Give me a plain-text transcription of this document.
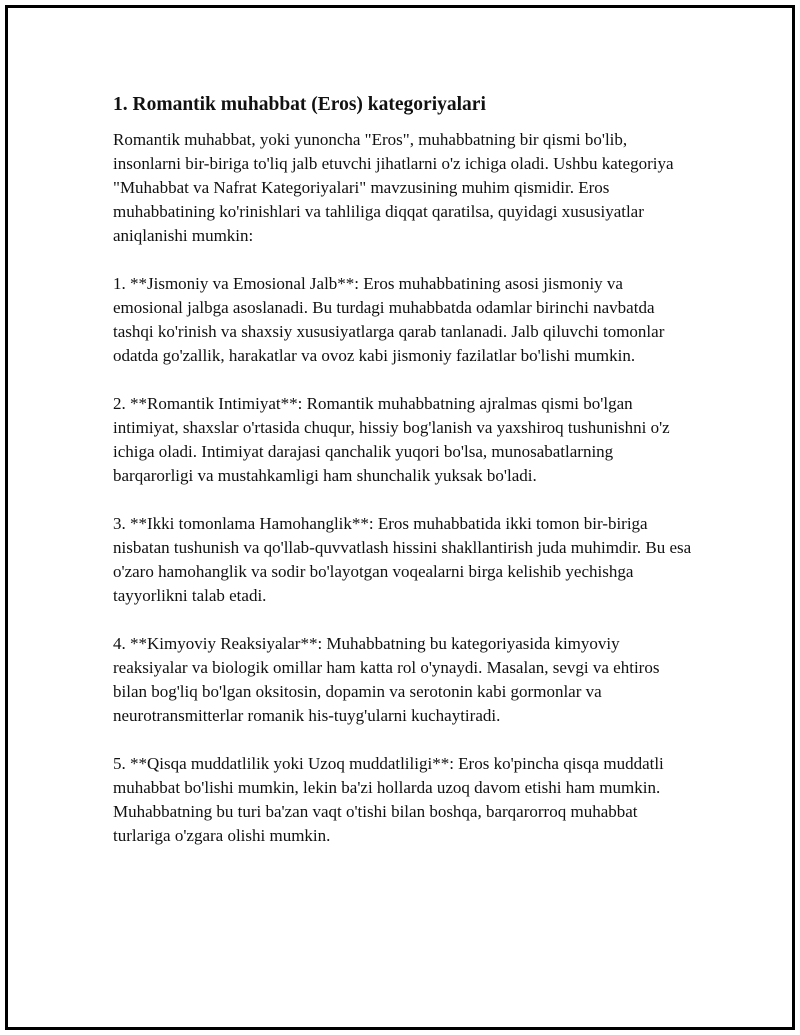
1. Romantik muhabbat (Eros) kategoriyalari

Romantik muhabbat, yoki yunoncha "Eros", muhabbatning bir qismi bo'lib, insonlarni bir-biriga to'liq jalb etuvchi jihatlarni o'z ichiga oladi. Ushbu kategoriya "Muhabbat va Nafrat Kategoriyalari" mavzusining muhim qismidir. Eros muhabbatining ko'rinishlari va tahliliga diqqat qaratilsa, quyidagi xususiyatlar aniqlanishi mumkin:

1. **Jismoniy va Emosional Jalb**: Eros muhabbatining asosi jismoniy va emosional jalbga asoslanadi. Bu turdagi muhabbatda odamlar birinchi navbatda tashqi ko'rinish va shaxsiy xususiyatlarga qarab tanlanadi. Jalb qiluvchi tomonlar odatda go'zallik, harakatlar va ovoz kabi jismoniy fazilatlar bo'lishi mumkin.

2. **Romantik Intimiyat**: Romantik muhabbatning ajralmas qismi bo'lgan intimiyat, shaxslar o'rtasida chuqur, hissiy bog'lanish va yaxshiroq tushunishni o'z ichiga oladi. Intimiyat darajasi qanchalik yuqori bo'lsa, munosabatlarning barqarorligi va mustahkamligi ham shunchalik yuksak bo'ladi.

3. **Ikki tomonlama Hamohanglik**: Eros muhabbatida ikki tomon bir-biriga nisbatan tushunish va qo'llab-quvvatlash hissini shakllantirish juda muhimdir. Bu esa o'zaro hamohanglik va sodir bo'layotgan voqealarni birga kelishib yechishga tayyorlikni talab etadi.

4. **Kimyoviy Reaksiyalar**: Muhabbatning bu kategoriyasida kimyoviy reaksiyalar va biologik omillar ham katta rol o'ynaydi. Masalan, sevgi va ehtiros bilan bog'liq bo'lgan oksitosin, dopamin va serotonin kabi gormonlar va neurotransmitterlar romanik his-tuyg'ularni kuchaytiradi.

5. **Qisqa muddatlilik yoki Uzoq muddatliligi**: Eros ko'pincha qisqa muddatli muhabbat bo'lishi mumkin, lekin ba'zi hollarda uzoq davom etishi ham mumkin. Muhabbatning bu turi ba'zan vaqt o'tishi bilan boshqa, barqarorroq muhabbat turlariga o'zgara olishi mumkin.
